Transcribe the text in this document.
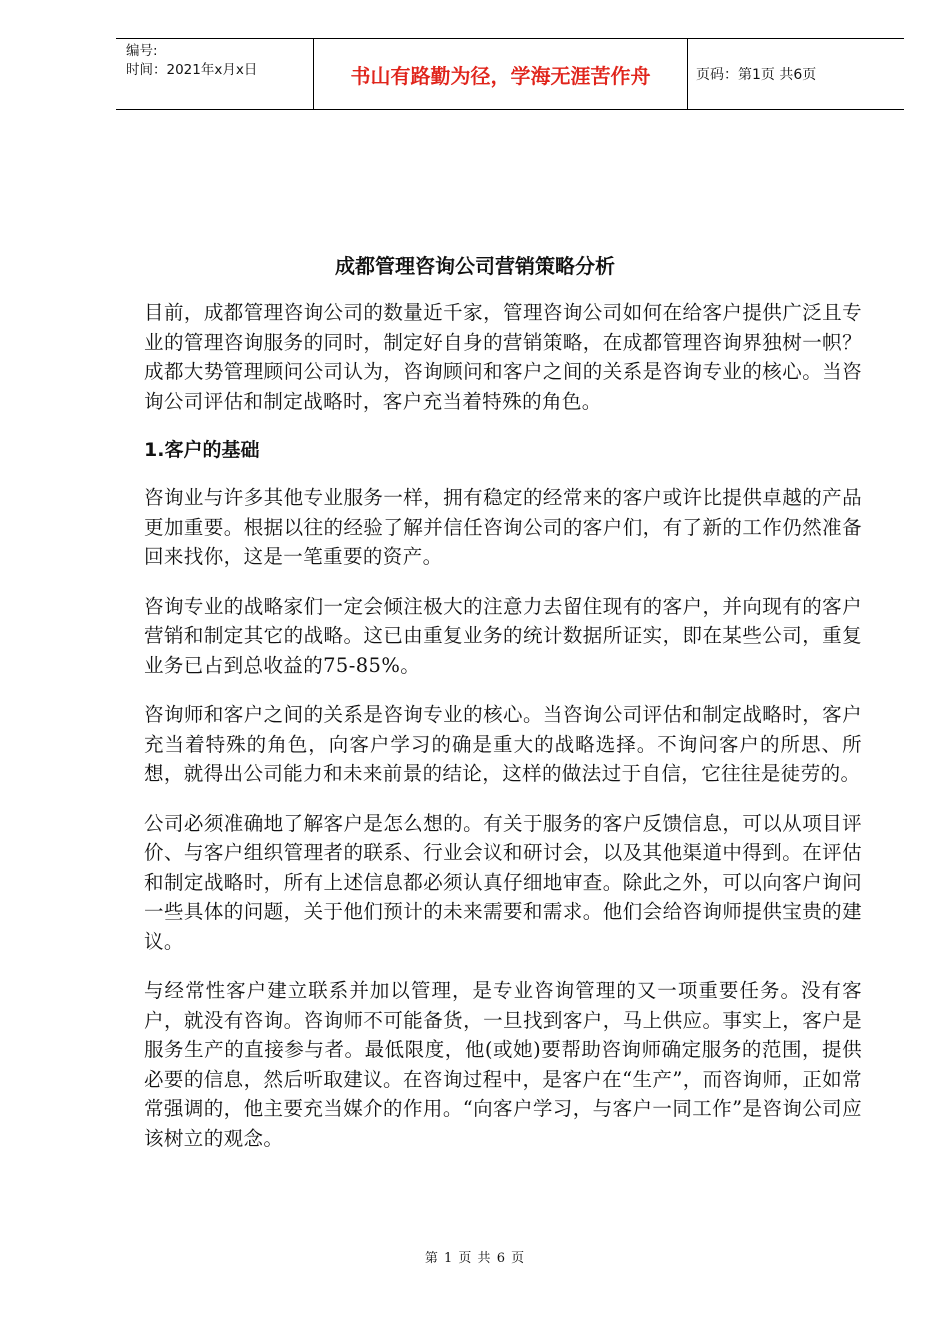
编号:
时间：2021年x月x日	书山有路勤为径，学海无涯苦作舟	页码：第1页 共6页
成都管理咨询公司营销策略分析

目前，成都管理咨询公司的数量近千家，管理咨询公司如何在给客户提供广泛且专业的管理咨询服务的同时，制定好自身的营销策略，在成都管理咨询界独树一帜？成都大势管理顾问公司认为，咨询顾问和客户之间的关系是咨询专业的核心。当咨询公司评估和制定战略时，客户充当着特殊的角色。

1.客户的基础

咨询业与许多其他专业服务一样，拥有稳定的经常来的客户或许比提供卓越的产品更加重要。根据以往的经验了解并信任咨询公司的客户们，有了新的工作仍然准备回来找你，这是一笔重要的资产。

咨询专业的战略家们一定会倾注极大的注意力去留住现有的客户，并向现有的客户营销和制定其它的战略。这已由重复业务的统计数据所证实，即在某些公司，重复业务已占到总收益的75-85%。

咨询师和客户之间的关系是咨询专业的核心。当咨询公司评估和制定战略时，客户充当着特殊的角色，向客户学习的确是重大的战略选择。不询问客户的所思、所想，就得出公司能力和未来前景的结论，这样的做法过于自信，它往往是徒劳的。

公司必须准确地了解客户是怎么想的。有关于服务的客户反馈信息，可以从项目评价、与客户组织管理者的联系、行业会议和研讨会，以及其他渠道中得到。在评估和制定战略时，所有上述信息都必须认真仔细地审查。除此之外，可以向客户询问一些具体的问题，关于他们预计的未来需要和需求。他们会给咨询师提供宝贵的建议。

与经常性客户建立联系并加以管理，是专业咨询管理的又一项重要任务。没有客户，就没有咨询。咨询师不可能备货，一旦找到客户，马上供应。事实上，客户是服务生产的直接参与者。最低限度，他(或她)要帮助咨询师确定服务的范围，提供必要的信息，然后听取建议。在咨询过程中，是客户在“生产”，而咨询师，正如常常强调的，他主要充当媒介的作用。“向客户学习，与客户一同工作”是咨询公司应该树立的观念。

第 1 页 共 6 页
